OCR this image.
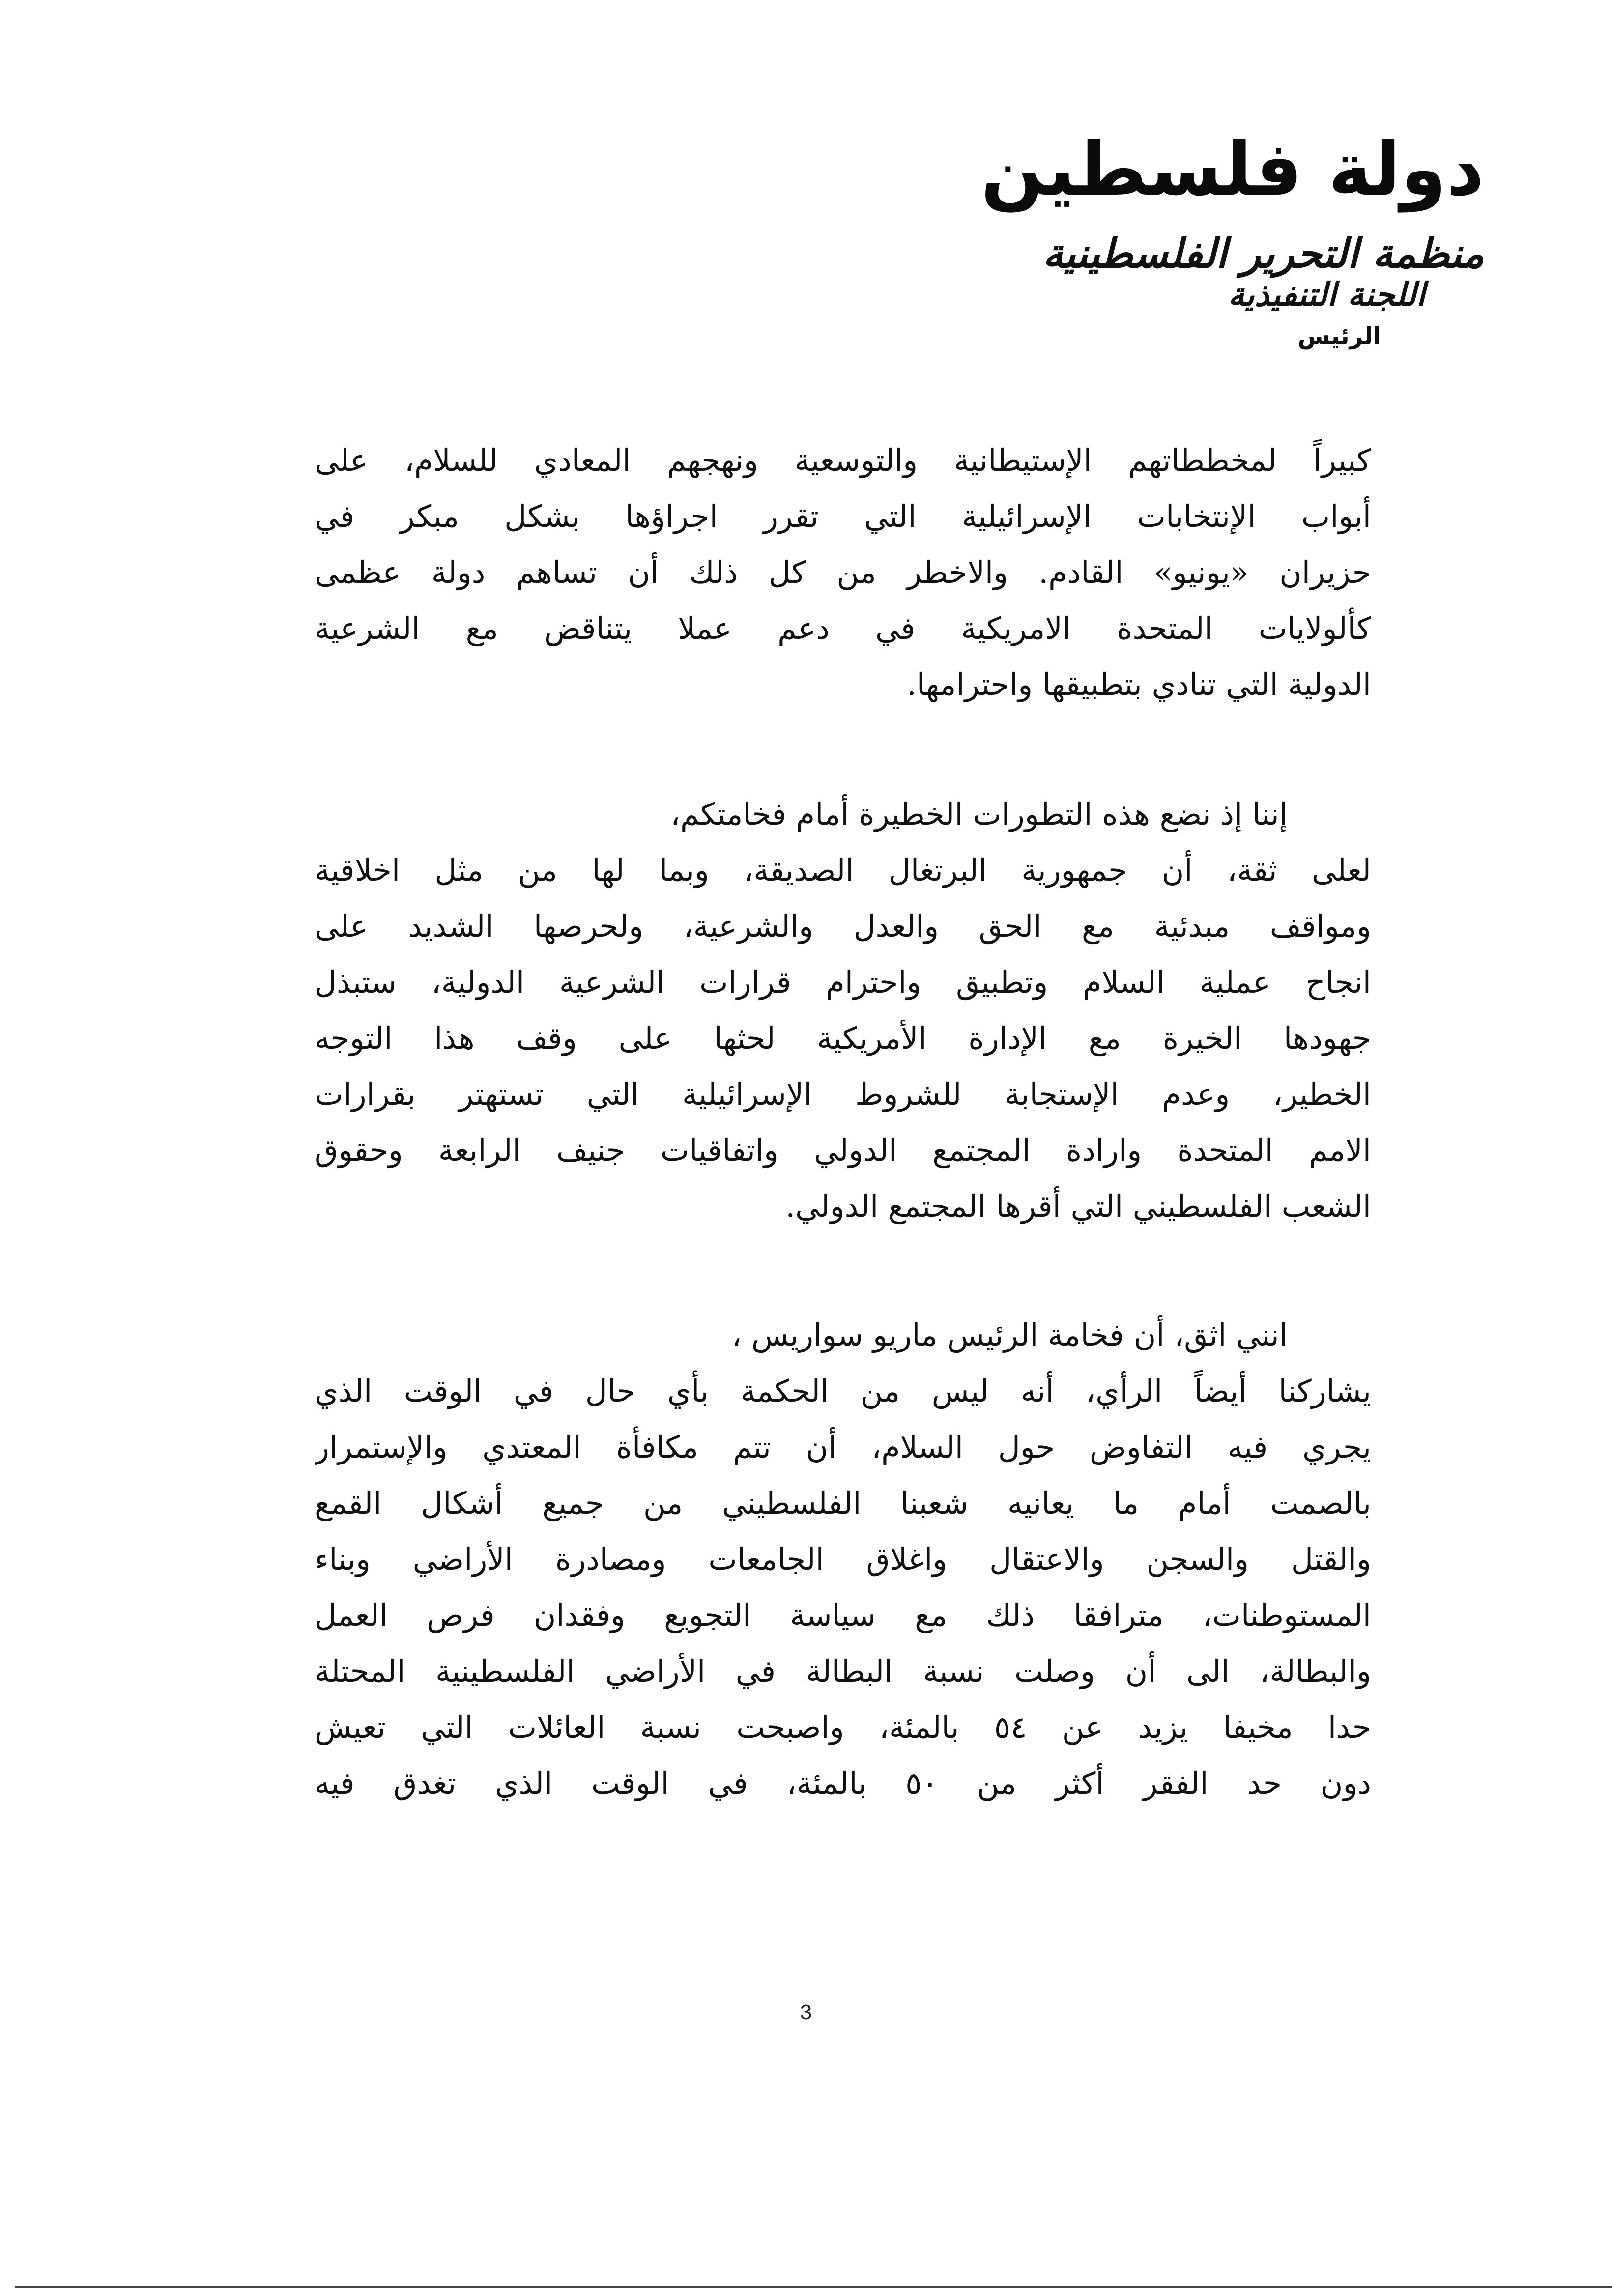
دولة فلسطين
منظمة التحرير الفلسطينية
اللجنة التنفيذية
الرئيس
كبيراً لمخططاتهم الإستيطانية والتوسعية ونهجهم المعادي للسلام، على
أبواب الإنتخابات الإسرائيلية التي تقرر اجراؤها بشكل مبكر في
حزيران «يونيو» القادم. والاخطر من كل ذلك أن تساهم دولة عظمى
كألولايات المتحدة الامريكية في دعم عملا يتناقض مع الشرعية
الدولية التي تنادي بتطبيقها واحترامها.
إننا إذ نضع هذه التطورات الخطيرة أمام فخامتكم،
لعلى ثقة، أن جمهورية البرتغال الصديقة، وبما لها من مثل اخلاقية
ومواقف مبدئية مع الحق والعدل والشرعية، ولحرصها الشديد على
انجاح عملية السلام وتطبيق واحترام قرارات الشرعية الدولية، ستبذل
جهودها الخيرة مع الإدارة الأمريكية لحثها على وقف هذا التوجه
الخطير، وعدم الإستجابة للشروط الإسرائيلية التي تستهتر بقرارات
الامم المتحدة وارادة المجتمع الدولي واتفاقيات جنيف الرابعة وحقوق
الشعب الفلسطيني التي أقرها المجتمع الدولي.
انني اثق، أن فخامة الرئيس ماريو سواريس ،
يشاركنا أيضاً الرأي، أنه ليس من الحكمة بأي حال في الوقت الذي
يجري فيه التفاوض حول السلام، أن تتم مكافأة المعتدي والإستمرار
بالصمت أمام ما يعانيه شعبنا الفلسطيني من جميع أشكال القمع
والقتل والسجن والاعتقال واغلاق الجامعات ومصادرة الأراضي وبناء
المستوطنات، مترافقا ذلك مع سياسة التجويع وفقدان فرص العمل
والبطالة، الى أن وصلت نسبة البطالة في الأراضي الفلسطينية المحتلة
حدا مخيفا يزيد عن ٥٤ بالمئة، واصبحت نسبة العائلات التي تعيش
دون حد الفقر أكثر من ٥٠ بالمئة، في الوقت الذي تغدق فيه
3
